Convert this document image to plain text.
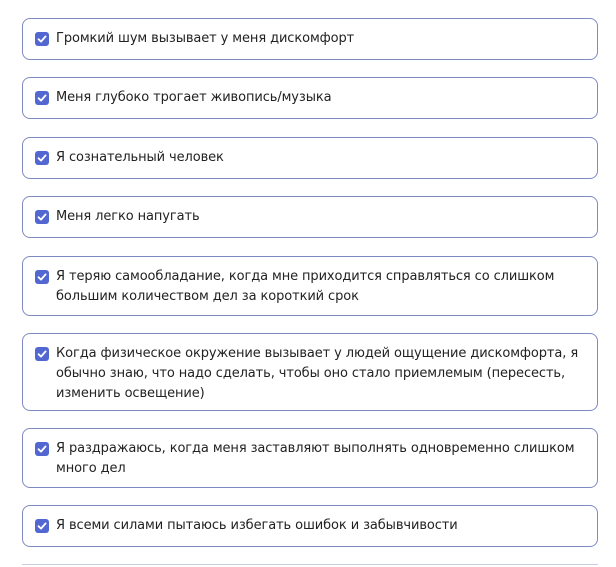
Громкий шум вызывает у меня дискомфорт
Меня глубоко трогает живопись/музыка
Я сознательный человек
Меня легко напугать
Я теряю самообладание, когда мне приходится справляться со слишком большим количеством дел за короткий срок
Когда физическое окружение вызывает у людей ощущение дискомфорта, я обычно знаю, что надо сделать, чтобы оно стало приемлемым (пересесть, изменить освещение)
Я раздражаюсь, когда меня заставляют выполнять одновременно слишком много дел
Я всеми силами пытаюсь избегать ошибок и забывчивости
